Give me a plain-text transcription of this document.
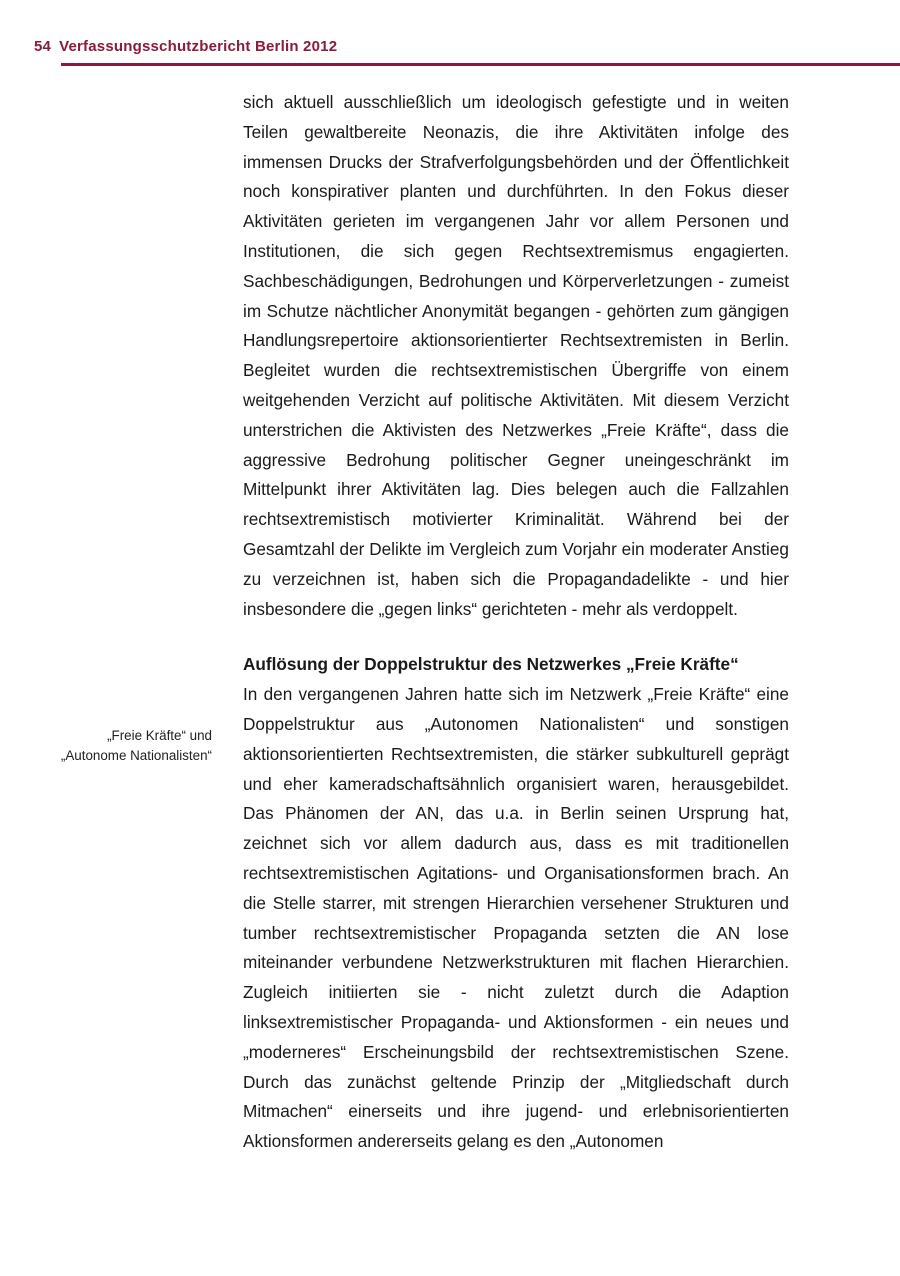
54 Verfassungsschutzbericht Berlin 2012
„Freie Kräfte“ und „Autonome Nationalisten“

sich aktuell ausschließlich um ideologisch gefestigte und in weiten Teilen gewaltbereite Neonazis, die ihre Aktivitäten infolge des immensen Drucks der Strafverfolgungsbehörden und der Öffentlichkeit noch konspirativer planten und durchführten. In den Fokus dieser Aktivitäten gerieten im vergangenen Jahr vor allem Personen und Institutionen, die sich gegen Rechtsextremismus engagierten. Sachbeschädigungen, Bedrohungen und Körperverletzungen - zumeist im Schutze nächtlicher Anonymität begangen - gehörten zum gängigen Handlungsrepertoire aktionsorientierter Rechtsextremisten in Berlin. Begleitet wurden die rechtsextremistischen Übergriffe von einem weitgehenden Verzicht auf politische Aktivitäten. Mit diesem Verzicht unterstrichen die Aktivisten des Netzwerkes „Freie Kräfte“, dass die aggressive Bedrohung politischer Gegner uneingeschränkt im Mittelpunkt ihrer Aktivitäten lag. Dies belegen auch die Fallzahlen rechtsextremistisch motivierter Kriminalität. Während bei der Gesamtzahl der Delikte im Vergleich zum Vorjahr ein moderater Anstieg zu verzeichnen ist, haben sich die Propagandadelikte - und hier insbesondere die „gegen links“ gerichteten - mehr als verdoppelt.

Auflösung der Doppelstruktur des Netzwerkes „Freie Kräfte“

In den vergangenen Jahren hatte sich im Netzwerk „Freie Kräfte“ eine Doppelstruktur aus „Autonomen Nationalisten“ und sonstigen aktionsorientierten Rechtsextremisten, die stärker subkulturell geprägt und eher kameradschaftsähnlich organisiert waren, herausgebildet. Das Phänomen der AN, das u.a. in Berlin seinen Ursprung hat, zeichnet sich vor allem dadurch aus, dass es mit traditionellen rechtsextremistischen Agitations- und Organisationsformen brach. An die Stelle starrer, mit strengen Hierarchien versehener Strukturen und tumber rechtsextremistischer Propaganda setzten die AN lose miteinander verbundene Netzwerkstrukturen mit flachen Hierarchien. Zugleich initiierten sie - nicht zuletzt durch die Adaption linksextremistischer Propaganda- und Aktionsformen - ein neues und „moderneres“ Erscheinungsbild der rechtsextremistischen Szene. Durch das zunächst geltende Prinzip der „Mitgliedschaft durch Mitmachen“ einerseits und ihre jugend- und erlebnisorientierten Aktionsformen andererseits gelang es den „Autonomen
